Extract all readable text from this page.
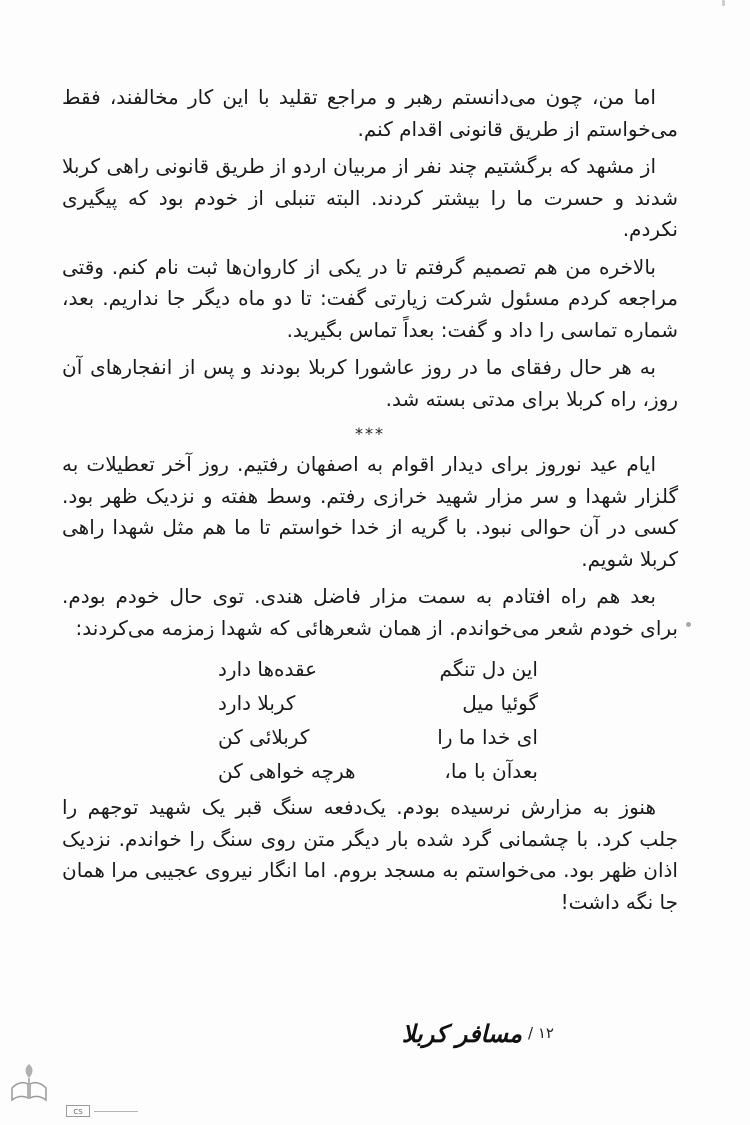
اما من، چون می‌دانستم رهبر و مراجع تقلید با این کار مخالفند، فقط می‌خواستم از طریق قانونی اقدام کنم.

از مشهد که برگشتیم چند نفر از مربیان اردو از طریق قانونی راهی کربلا شدند و حسرت ما را بیشتر کردند. البته تنبلی از خودم بود که پیگیری نکردم.

بالاخره من هم تصمیم گرفتم تا در یکی از کاروان‌ها ثبت نام کنم. وقتی مراجعه کردم مسئول شرکت زیارتی گفت: تا دو ماه دیگر جا نداریم. بعد، شماره تماسی را داد و گفت: بعداً تماس بگیرید.

به هر حال رفقای ما در روز عاشورا کربلا بودند و پس از انفجارهای آن روز، راه کربلا برای مدتی بسته شد.

***

ایام عید نوروز برای دیدار اقوام به اصفهان رفتیم. روز آخر تعطیلات به گلزار شهدا و سر مزار شهید خرازی رفتم. وسط هفته و نزدیک ظهر بود. کسی در آن حوالی نبود. با گریه از خدا خواستم تا ما هم مثل شهدا راهی کربلا شویم.

بعد هم راه افتادم به سمت مزار فاضل هندی. توی حال خودم بودم. برای خودم شعر می‌خواندم. از همان شعرهائی که شهدا زمزمه می‌کردند:

این دل تنگم
عقده‌ها دارد
گوئیا میل
کربلا دارد
ای خدا ما را
کربلائی کن
بعدآن با ما،
هرچه خواهی کن

هنوز به مزارش نرسیده بودم. یک‌دفعه سنگ قبر یک شهید توجهم را جلب کرد. با چشمانی گرد شده بار دیگر متن روی سنگ را خواندم. نزدیک اذان ظهر بود. می‌خواستم به مسجد بروم. اما انگار نیروی عجیبی مرا همان جا نگه داشت!

۱۲ /
مسافر کربلا
CS
